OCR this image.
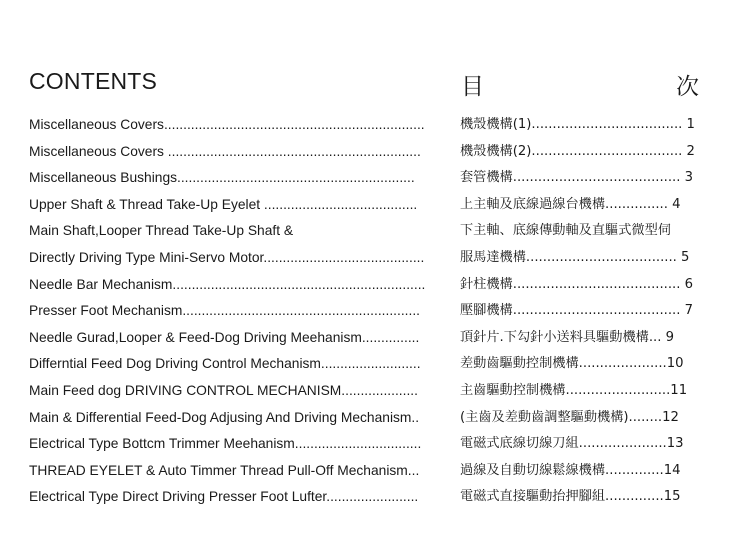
CONTENTS	目	次
Miscellaneous Covers....................................................................	機殼機構(1).................................... 1
Miscellaneous Covers ..................................................................	機殼機構(2).................................... 2
Miscellaneous Bushings..............................................................	套管機構........................................ 3
Upper Shaft & Thread Take-Up Eyelet ........................................	上主軸及底線過線台機構............... 4
Main Shaft,Looper Thread Take-Up Shaft &	下主軸、底線傳動軸及直驅式微型伺
Directly Driving Type Mini-Servo Motor..........................................	服馬達機構.................................... 5
Needle Bar Mechanism..................................................................	針柱機構........................................ 6
Presser Foot Mechanism..............................................................	壓腳機構........................................ 7
Needle Gurad,Looper & Feed-Dog Driving Meehanism...............	頂針片.下勾針小送料具驅動機構... 9
Differntial Feed Dog Driving Control Mechanism..........................	差動齒驅動控制機構.....................10
Main Feed dog DRIVING CONTROL MECHANISM....................	主齒驅動控制機構.........................11
Main & Differential Feed-Dog Adjusing And Driving Mechanism..	(主齒及差動齒調整驅動機構)........12
Electrical Type Bottcm Trimmer Meehanism.................................	電磁式底線切線刀組.....................13
THREAD EYELET & Auto Timmer Thread Pull-Off Mechanism...	過線及自動切線鬆線機構..............14
Electrical Type Direct Driving Presser Foot Lufter........................	電磁式直接驅動抬押腳組..............15
